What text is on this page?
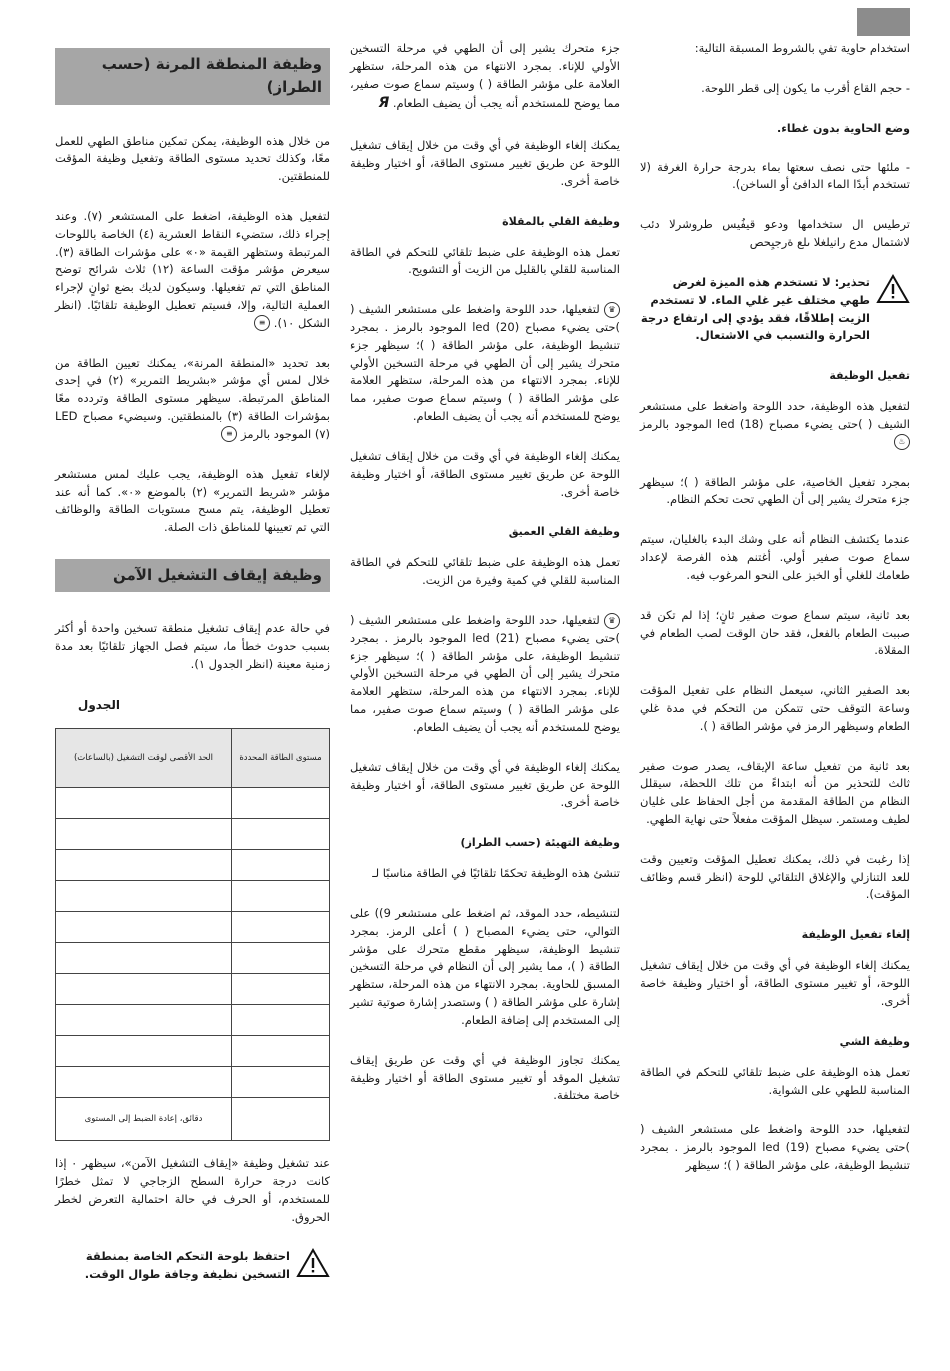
استخدام حاوية تفي بالشروط المسبقة التالية:

- حجم القاع أقرب ما يكون إلى قطر اللوحة.

وضع الحاوية بدون غطاء.

- ملئها حتى نصف سعتها بماء بدرجة حرارة الغرفة (لا تستخدم أبدًا الماء الدافئ أو الساخن).

ترطيس ال ستخدامها ودعو قيفُيس طروشرلا دئب لاشتمال مدع رانيلغلا ىلع ةرجيِحص

تحذير: لا تستخدم هذه الميزة لغرض طهي مختلف غير غلي الماء. لا تستخدم الزيت إطلاقًا، فقد يؤدي إلى ارتفاع درجة الحرارة والتسبب في الاشتعال.
تفعيل الوظيفة

لتفعيل هذه الوظيفة، حدد اللوحة واضغط على مستشعر الشيف ( )حتى يضيء مصباح led (18) الموجود بالرمز ♨

بمجرد تفعيل الخاصية، على مؤشر الطاقة ( )؛ سيظهر جزء متحرك يشير إلى أن الطهي تحت تحكم النظام.

عندما يكتشف النظام أنه على وشك البدء بالغليان، سيتم سماع صوت صفير أولي. أغتنم هذه الفرصة لإعداد طعامك للغلي أو الخبز على النحو المرغوب فيه.

بعد ثانية، سيتم سماع صوت صفير ثانٍ؛ إذا لم تكن قد صببت الطعام بالفعل، فقد حان الوقت لصب الطعام في المقلاة.

بعد الصفير الثاني، سيعمل النظام على تفعيل المؤقت وساعة التوقف حتى تتمكن من التحكم في مدة غلي الطعام وسيظهر الرمز في مؤشر الطاقة ( ).

بعد ثانية من تفعيل ساعة الإيقاف، يصدر صوت صفير ثالث للتحذير من أنه ابتداءً من تلك اللحظة، سيقلل النظام من الطاقة المقدمة من أجل الحفاظ على غليان لطيف ومستمر. سيظل المؤقت مفعلاً حتى نهاية الطهي.

إذا رغبت في ذلك، يمكنك تعطيل المؤقت وتعيين وقت للعد التنازلي والإغلاق التلقائي للوحة (انظر قسم وظائف المؤقت).

إلغاء تفعيل الوظيفة

يمكنك إلغاء الوظيفة في أي وقت من خلال إيقاف تشغيل اللوحة، أو تغيير مستوى الطاقة، أو اختيار وظيفة خاصة أخرى.

وظيفة الشي

تعمل هذه الوظيفة على ضبط تلقائي للتحكم في الطاقة المناسبة للطهي على الشواية.

لتفعيلها، حدد اللوحة واضغط على مستشعر الشيف ( )حتى يضيء مصباح led (19) الموجود بالرمز . بمجرد تنشيط الوظيفة، على مؤشر الطاقة ( )؛ سيظهر

جزء متحرك يشير إلى أن الطهي في مرحلة التسخين الأولي للإناء. بمجرد الانتهاء من هذه المرحلة، ستظهر العلامة على مؤشر الطاقة ( ) وسيتم سماع صوت صفير، مما يوضح للمستخدم أنه يجب أن يضيف الطعام. Я

يمكنك إلغاء الوظيفة في أي وقت من خلال إيقاف تشغيل اللوحة عن طريق تغيير مستوى الطاقة، أو اختيار وظيفة خاصة أخرى.

وظيفة القلي بالمقلاة

تعمل هذه الوظيفة على ضبط تلقائي للتحكم في الطاقة المناسبة للقلي بالقليل من الزيت أو التشويح.

♛ لتفعيلها، حدد اللوحة واضغط على مستشعر الشيف ( )حتى يضيء مصباح led (20) الموجود بالرمز . بمجرد تنشيط الوظيفة، على مؤشر الطاقة ( )؛ سيظهر جزء متحرك يشير إلى أن الطهي في مرحلة التسخين الأولي للإناء. بمجرد الانتهاء من هذه المرحلة، ستظهر العلامة على مؤشر الطاقة ( ) وسيتم سماع صوت صفير، مما يوضح للمستخدم أنه يجب أن يضيف الطعام.

يمكنك إلغاء الوظيفة في أي وقت من خلال إيقاف تشغيل اللوحة عن طريق تغيير مستوى الطاقة، أو اختيار وظيفة خاصة أخرى.

وظيفة القلي العميق

تعمل هذه الوظيفة على ضبط تلقائي للتحكم في الطاقة المناسبة للقلي في كمية وفيرة من الزيت.

♛ لتفعيلها، حدد اللوحة واضغط على مستشعر الشيف ( )حتى يضيء مصباح led (21) الموجود بالرمز . بمجرد تنشيط الوظيفة، على مؤشر الطاقة ( )؛ سيظهر جزء متحرك يشير إلى أن الطهي في مرحلة التسخين الأولي للإناء. بمجرد الانتهاء من هذه المرحلة، ستظهر العلامة على مؤشر الطاقة ( ) وسيتم سماع صوت صفير، مما يوضح للمستخدم أنه يجب أن يضيف الطعام.

يمكنك إلغاء الوظيفة في أي وقت من خلال إيقاف تشغيل اللوحة عن طريق تغيير مستوى الطاقة، أو اختيار وظيفة خاصة أخرى.

وظيفة التهيئة (حسب الطراز)

تنشئ هذه الوظيفة تحكمًا تلقائيًا في الطاقة مناسبًا لـ

لتنشيطه، حدد الموقد، ثم اضغط على مستشعر 9)) على التوالي، حتى يضيء المصباح ( ) أعلى الرمز. بمجرد تنشيط الوظيفة، سيظهر مقطع متحرك على مؤشر الطاقة ( )، مما يشير إلى أن النظام في مرحلة التسخين المسبق للحاوية. بمجرد الانتهاء من هذه المرحلة، ستظهر إشارة على مؤشر الطاقة ( ) وستصدر إشارة صوتية تشير إلى المستخدم إلى إضافة الطعام.

يمكنك تجاوز الوظيفة في أي وقت عن طريق إيقاف تشغيل الموقد أو تغيير مستوى الطاقة أو اختيار وظيفة خاصة مختلفة.

وظيفة المنطقة المرنة (حسب الطراز)

من خلال هذه الوظيفة، يمكن تمكين مناطق الطهي للعمل معًا، وكذلك تحديد مستوى الطاقة وتفعيل وظيفة المؤقت للمنطقتين.

لتفعيل هذه الوظيفة، اضغط على المستشعر (٧). وعند إجراء ذلك، ستضيء النقاط العشرية (٤) الخاصة باللوحات المرتبطة وستظهر القيمة «٠» على مؤشرات الطاقة (٣). سيعرض مؤشر مؤقت الساعة (١٢) ثلاث شرائح توضح المناطق التي تم تفعيلها. وسيكون لديك بضع ثوانٍ لإجراء العملية التالية، وإلا، فسيتم تعطيل الوظيفة تلقائيًا. (انظر الشكل ١٠). ≡

بعد تحديد «المنطقة المرنة»، يمكنك تعيين الطاقة من خلال لمس أي مؤشر «بشريط التمرير» (٢) في إحدى المناطق المرتبطة. سيظهر مستوى الطاقة وتردده معًا بمؤشرات الطاقة (٣) بالمنطقتين. وسيضيء مصباح LED (٧) الموجود بالرمز ≡

لإلغاء تفعيل هذه الوظيفة، يجب عليك لمس مستشعر مؤشر «شريط التمرير» (٢) بالموضع «٠». كما أنه عند تعطيل الوظيفة، يتم مسح مستويات الطاقة والوظائف التي تم تعيينها للمناطق ذات الصلة.

وظيفة إيقاف التشغيل الآمن

في حالة عدم إيقاف تشغيل منطقة تسخين واحدة أو أكثر بسبب حدوث خطأ ما، سيتم فصل الجهاز تلقائيًا بعد مدة زمنية معينة (انظر الجدول ١).

الجدول
مستوى الطاقة المحددة	الحد الأقصى لوقت التشغيل (بالساعات)

	دقائق، إعادة الضبط إلى المستوى

عند تشغيل وظيفة «إيقاف التشغيل الآمن»، سيظهر ٠ إذا كانت درجة حرارة السطح الزجاجي لا تمثل خطرًا للمستخدم، أو الحرف في حالة احتمالية التعرض لخطر الحروق.

احتفظ بلوحة التحكم الخاصة بمنطقة التسخين نظيفة وجافة طوال الوقت.
